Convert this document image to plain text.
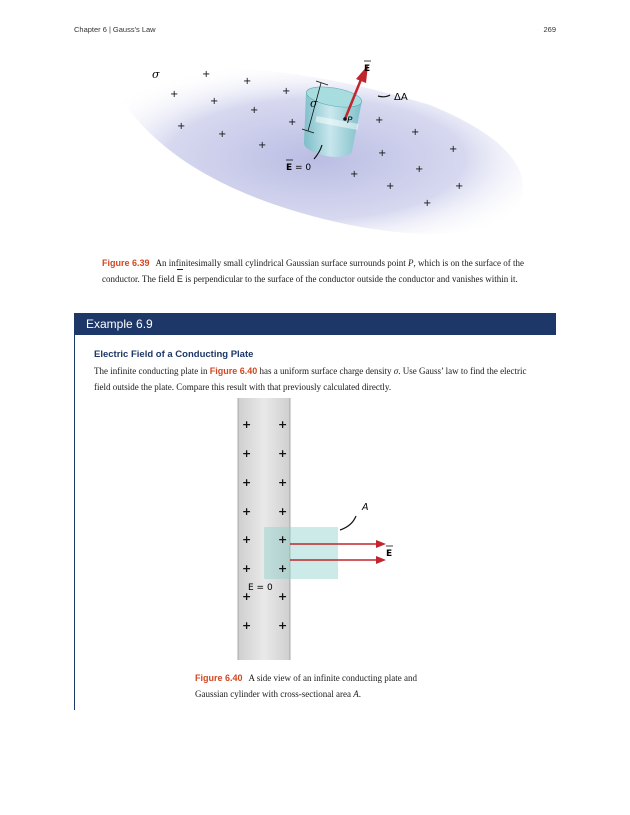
Chapter 6 | Gauss's Law	269
+
+
+
+
+
+
+
+
+
+
+
+
+	+
+
+
+	+
+
σ	E
P
ΔA
σ
E = 0
Figure 6.39 An infinitesimally small cylindrical Gaussian surface surrounds point P, which is on the surface of the conductor. The field E is perpendicular to the surface of the conductor outside the conductor and vanishes within it.
Example 6.9
Electric Field of a Conducting Plate
The infinite conducting plate in Figure 6.40 has a uniform surface charge density σ. Use Gauss’ law to find the electric field outside the plate. Compare this result with that previously calculated directly.
+ +
+ +
+ +
+ +
+ +
+ +
+ +
+ +
E
A
E = 0
Figure 6.40 A side view of an infinite conducting plate and Gaussian cylinder with cross-sectional area A.
